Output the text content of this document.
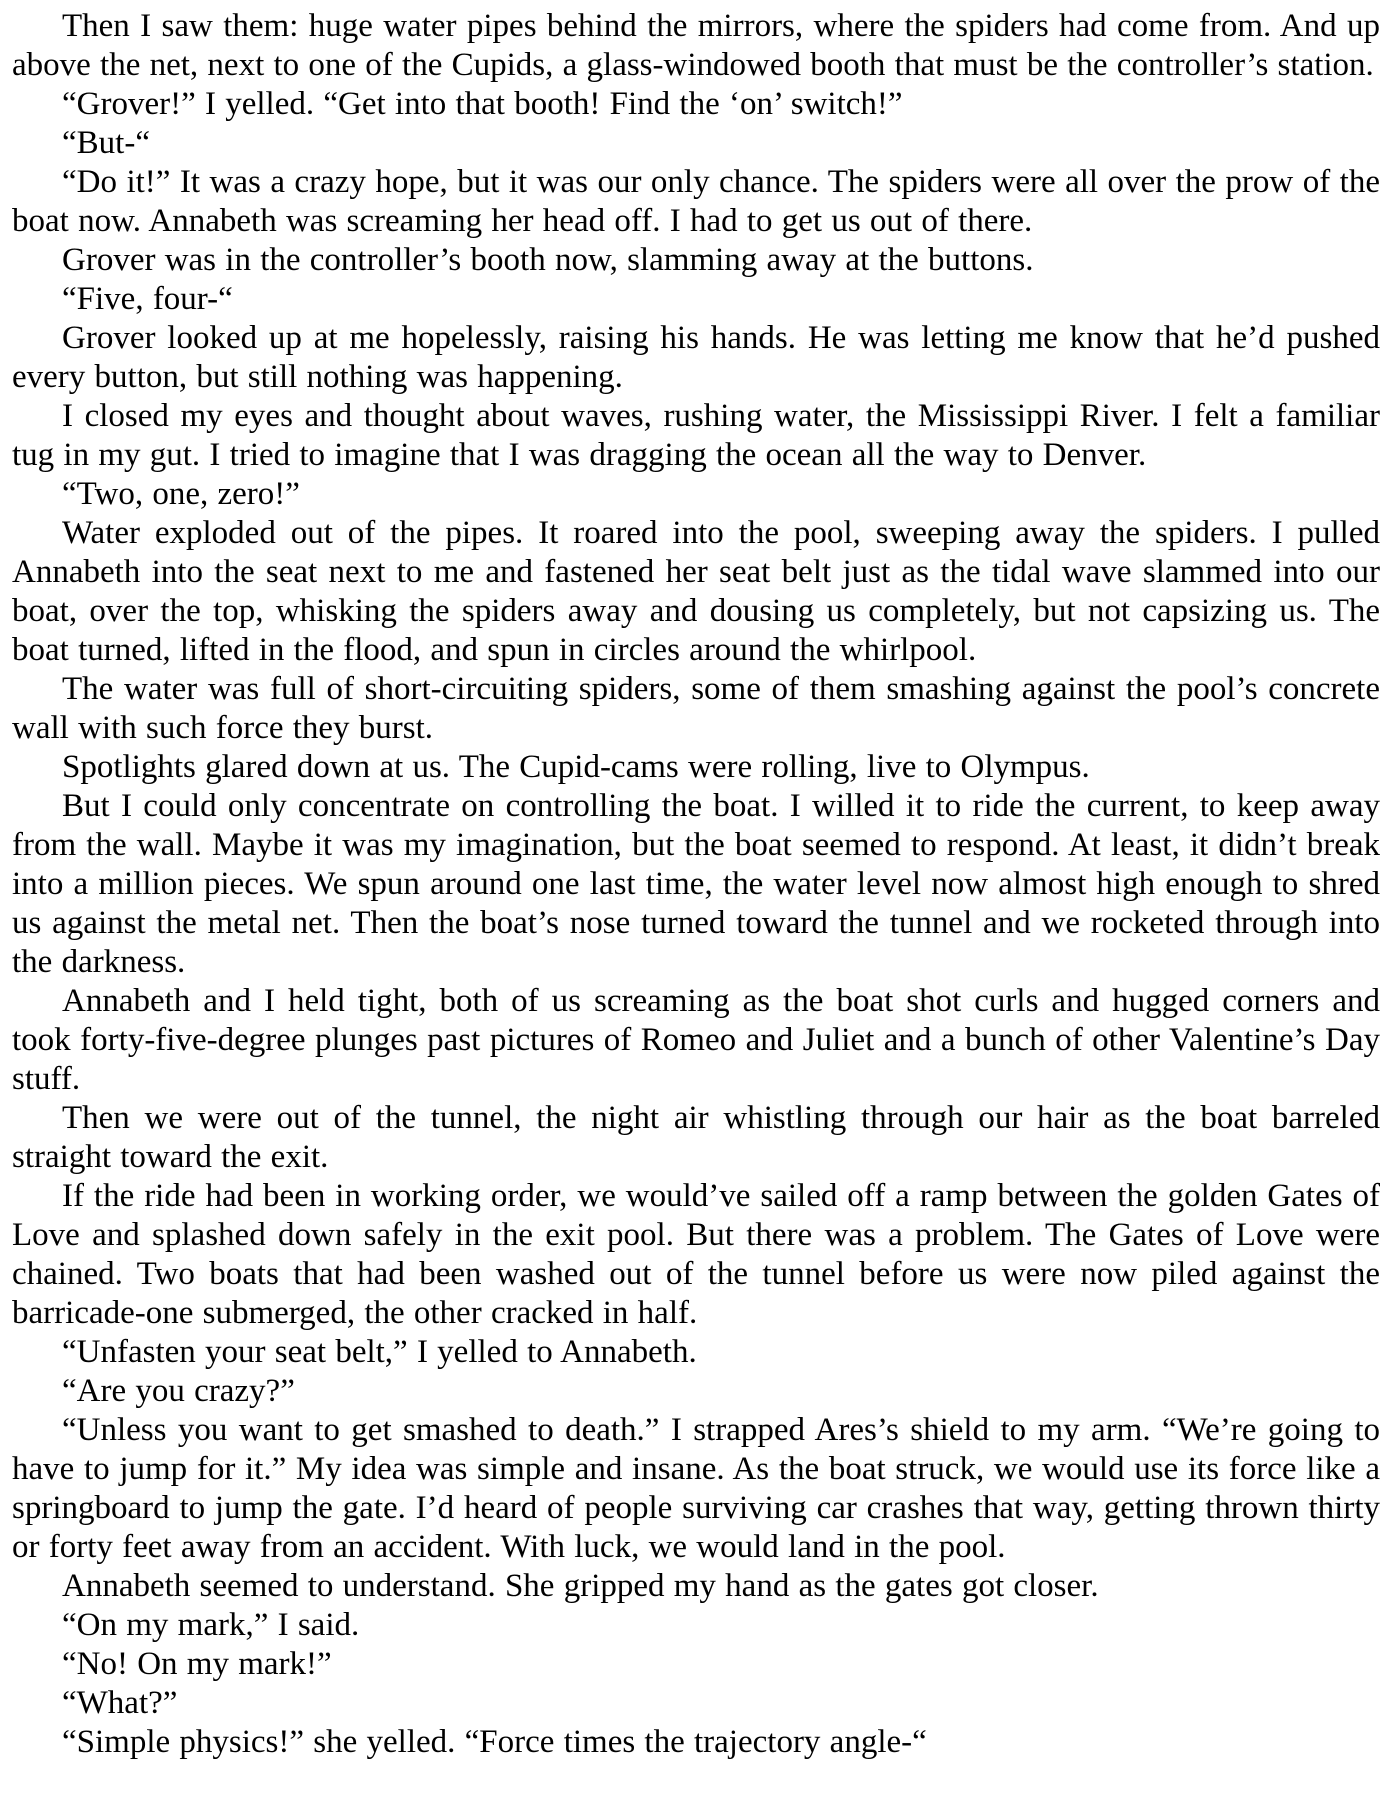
Then I saw them: huge water pipes behind the mirrors, where the spiders had come from. And up above the net, next to one of the Cupids, a glass-windowed booth that must be the controller’s station.

“Grover!” I yelled. “Get into that booth! Find the ‘on’ switch!”

“But-“

“Do it!” It was a crazy hope, but it was our only chance. The spiders were all over the prow of the boat now. Annabeth was screaming her head off. I had to get us out of there.

Grover was in the controller’s booth now, slamming away at the buttons.

“Five, four-“

Grover looked up at me hopelessly, raising his hands. He was letting me know that he’d pushed every button, but still nothing was happening.

I closed my eyes and thought about waves, rushing water, the Mississippi River. I felt a familiar tug in my gut. I tried to imagine that I was dragging the ocean all the way to Denver.

“Two, one, zero!”

Water exploded out of the pipes. It roared into the pool, sweeping away the spiders. I pulled Annabeth into the seat next to me and fastened her seat belt just as the tidal wave slammed into our boat, over the top, whisking the spiders away and dousing us completely, but not capsizing us. The boat turned, lifted in the flood, and spun in circles around the whirlpool.

The water was full of short-circuiting spiders, some of them smashing against the pool’s concrete wall with such force they burst.

Spotlights glared down at us. The Cupid-cams were rolling, live to Olympus.

But I could only concentrate on controlling the boat. I willed it to ride the current, to keep away from the wall. Maybe it was my imagination, but the boat seemed to respond. At least, it didn’t break into a million pieces. We spun around one last time, the water level now almost high enough to shred us against the metal net. Then the boat’s nose turned toward the tunnel and we rocketed through into the darkness.

Annabeth and I held tight, both of us screaming as the boat shot curls and hugged corners and took forty-five-degree plunges past pictures of Romeo and Juliet and a bunch of other Valentine’s Day stuff.

Then we were out of the tunnel, the night air whistling through our hair as the boat barreled straight toward the exit.

If the ride had been in working order, we would’ve sailed off a ramp between the golden Gates of Love and splashed down safely in the exit pool. But there was a problem. The Gates of Love were chained. Two boats that had been washed out of the tunnel before us were now piled against the barricade-one submerged, the other cracked in half.

“Unfasten your seat belt,” I yelled to Annabeth.

“Are you crazy?”

“Unless you want to get smashed to death.” I strapped Ares’s shield to my arm. “We’re going to have to jump for it.” My idea was simple and insane. As the boat struck, we would use its force like a springboard to jump the gate. I’d heard of people surviving car crashes that way, getting thrown thirty or forty feet away from an accident. With luck, we would land in the pool.

Annabeth seemed to understand. She gripped my hand as the gates got closer.

“On my mark,” I said.

“No! On my mark!”

“What?”

“Simple physics!” she yelled. “Force times the trajectory angle-“
